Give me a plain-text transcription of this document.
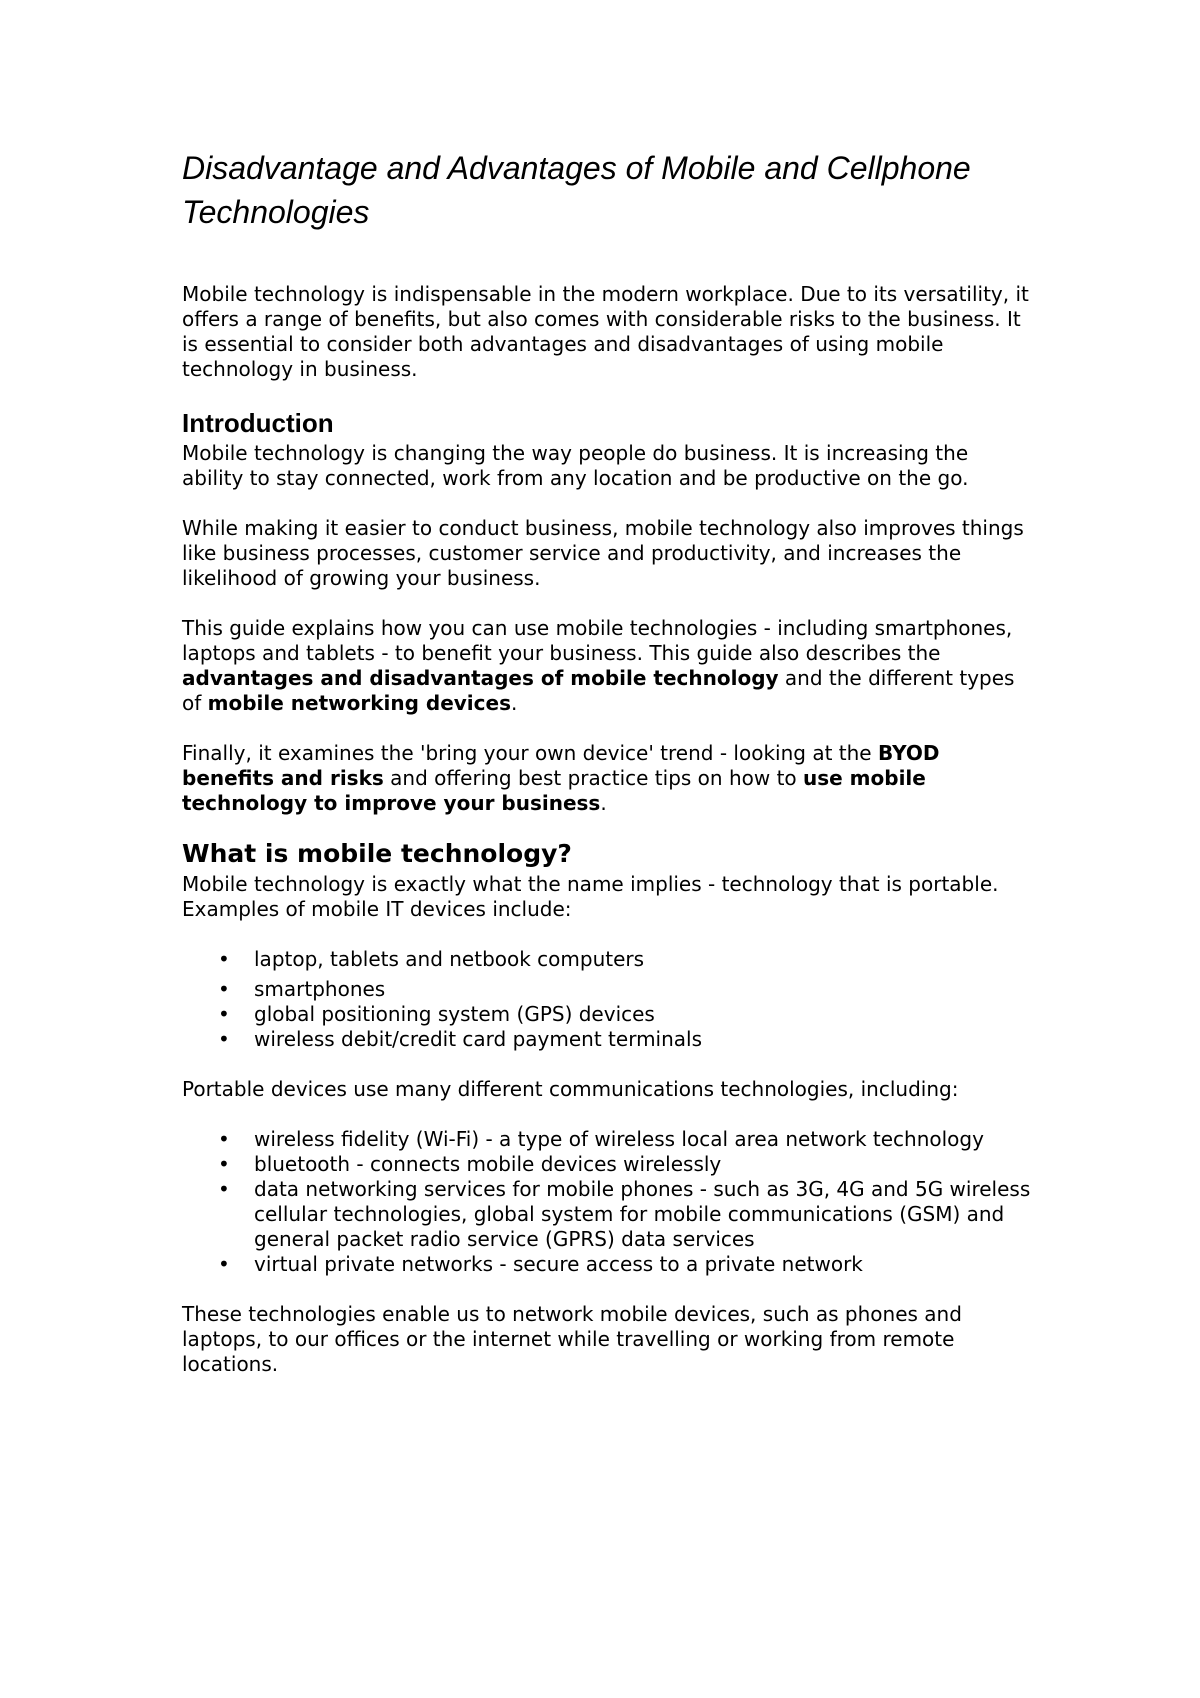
Disadvantage and Advantages of Mobile and Cellphone Technologies

Mobile technology is indispensable in the modern workplace. Due to its versatility, it offers a range of benefits, but also comes with considerable risks to the business. It is essential to consider both advantages and disadvantages of using mobile technology in business.

Introduction

Mobile technology is changing the way people do business. It is increasing the ability to stay connected, work from any location and be productive on the go.

While making it easier to conduct business, mobile technology also improves things like business processes, customer service and productivity, and increases the likelihood of growing your business.

This guide explains how you can use mobile technologies - including smartphones, laptops and tablets - to benefit your business. This guide also describes the advantages and disadvantages of mobile technology and the different types of mobile networking devices.

Finally, it examines the 'bring your own device' trend - looking at the BYOD benefits and risks and offering best practice tips on how to use mobile technology to improve your business.

What is mobile technology?

Mobile technology is exactly what the name implies - technology that is portable. Examples of mobile IT devices include:

• laptop, tablets and netbook computers
• smartphones
• global positioning system (GPS) devices
• wireless debit/credit card payment terminals

Portable devices use many different communications technologies, including:

• wireless fidelity (Wi-Fi) - a type of wireless local area network technology
• bluetooth - connects mobile devices wirelessly
• data networking services for mobile phones - such as 3G, 4G and 5G wireless cellular technologies, global system for mobile communications (GSM) and general packet radio service (GPRS) data services
• virtual private networks - secure access to a private network

These technologies enable us to network mobile devices, such as phones and laptops, to our offices or the internet while travelling or working from remote locations.
